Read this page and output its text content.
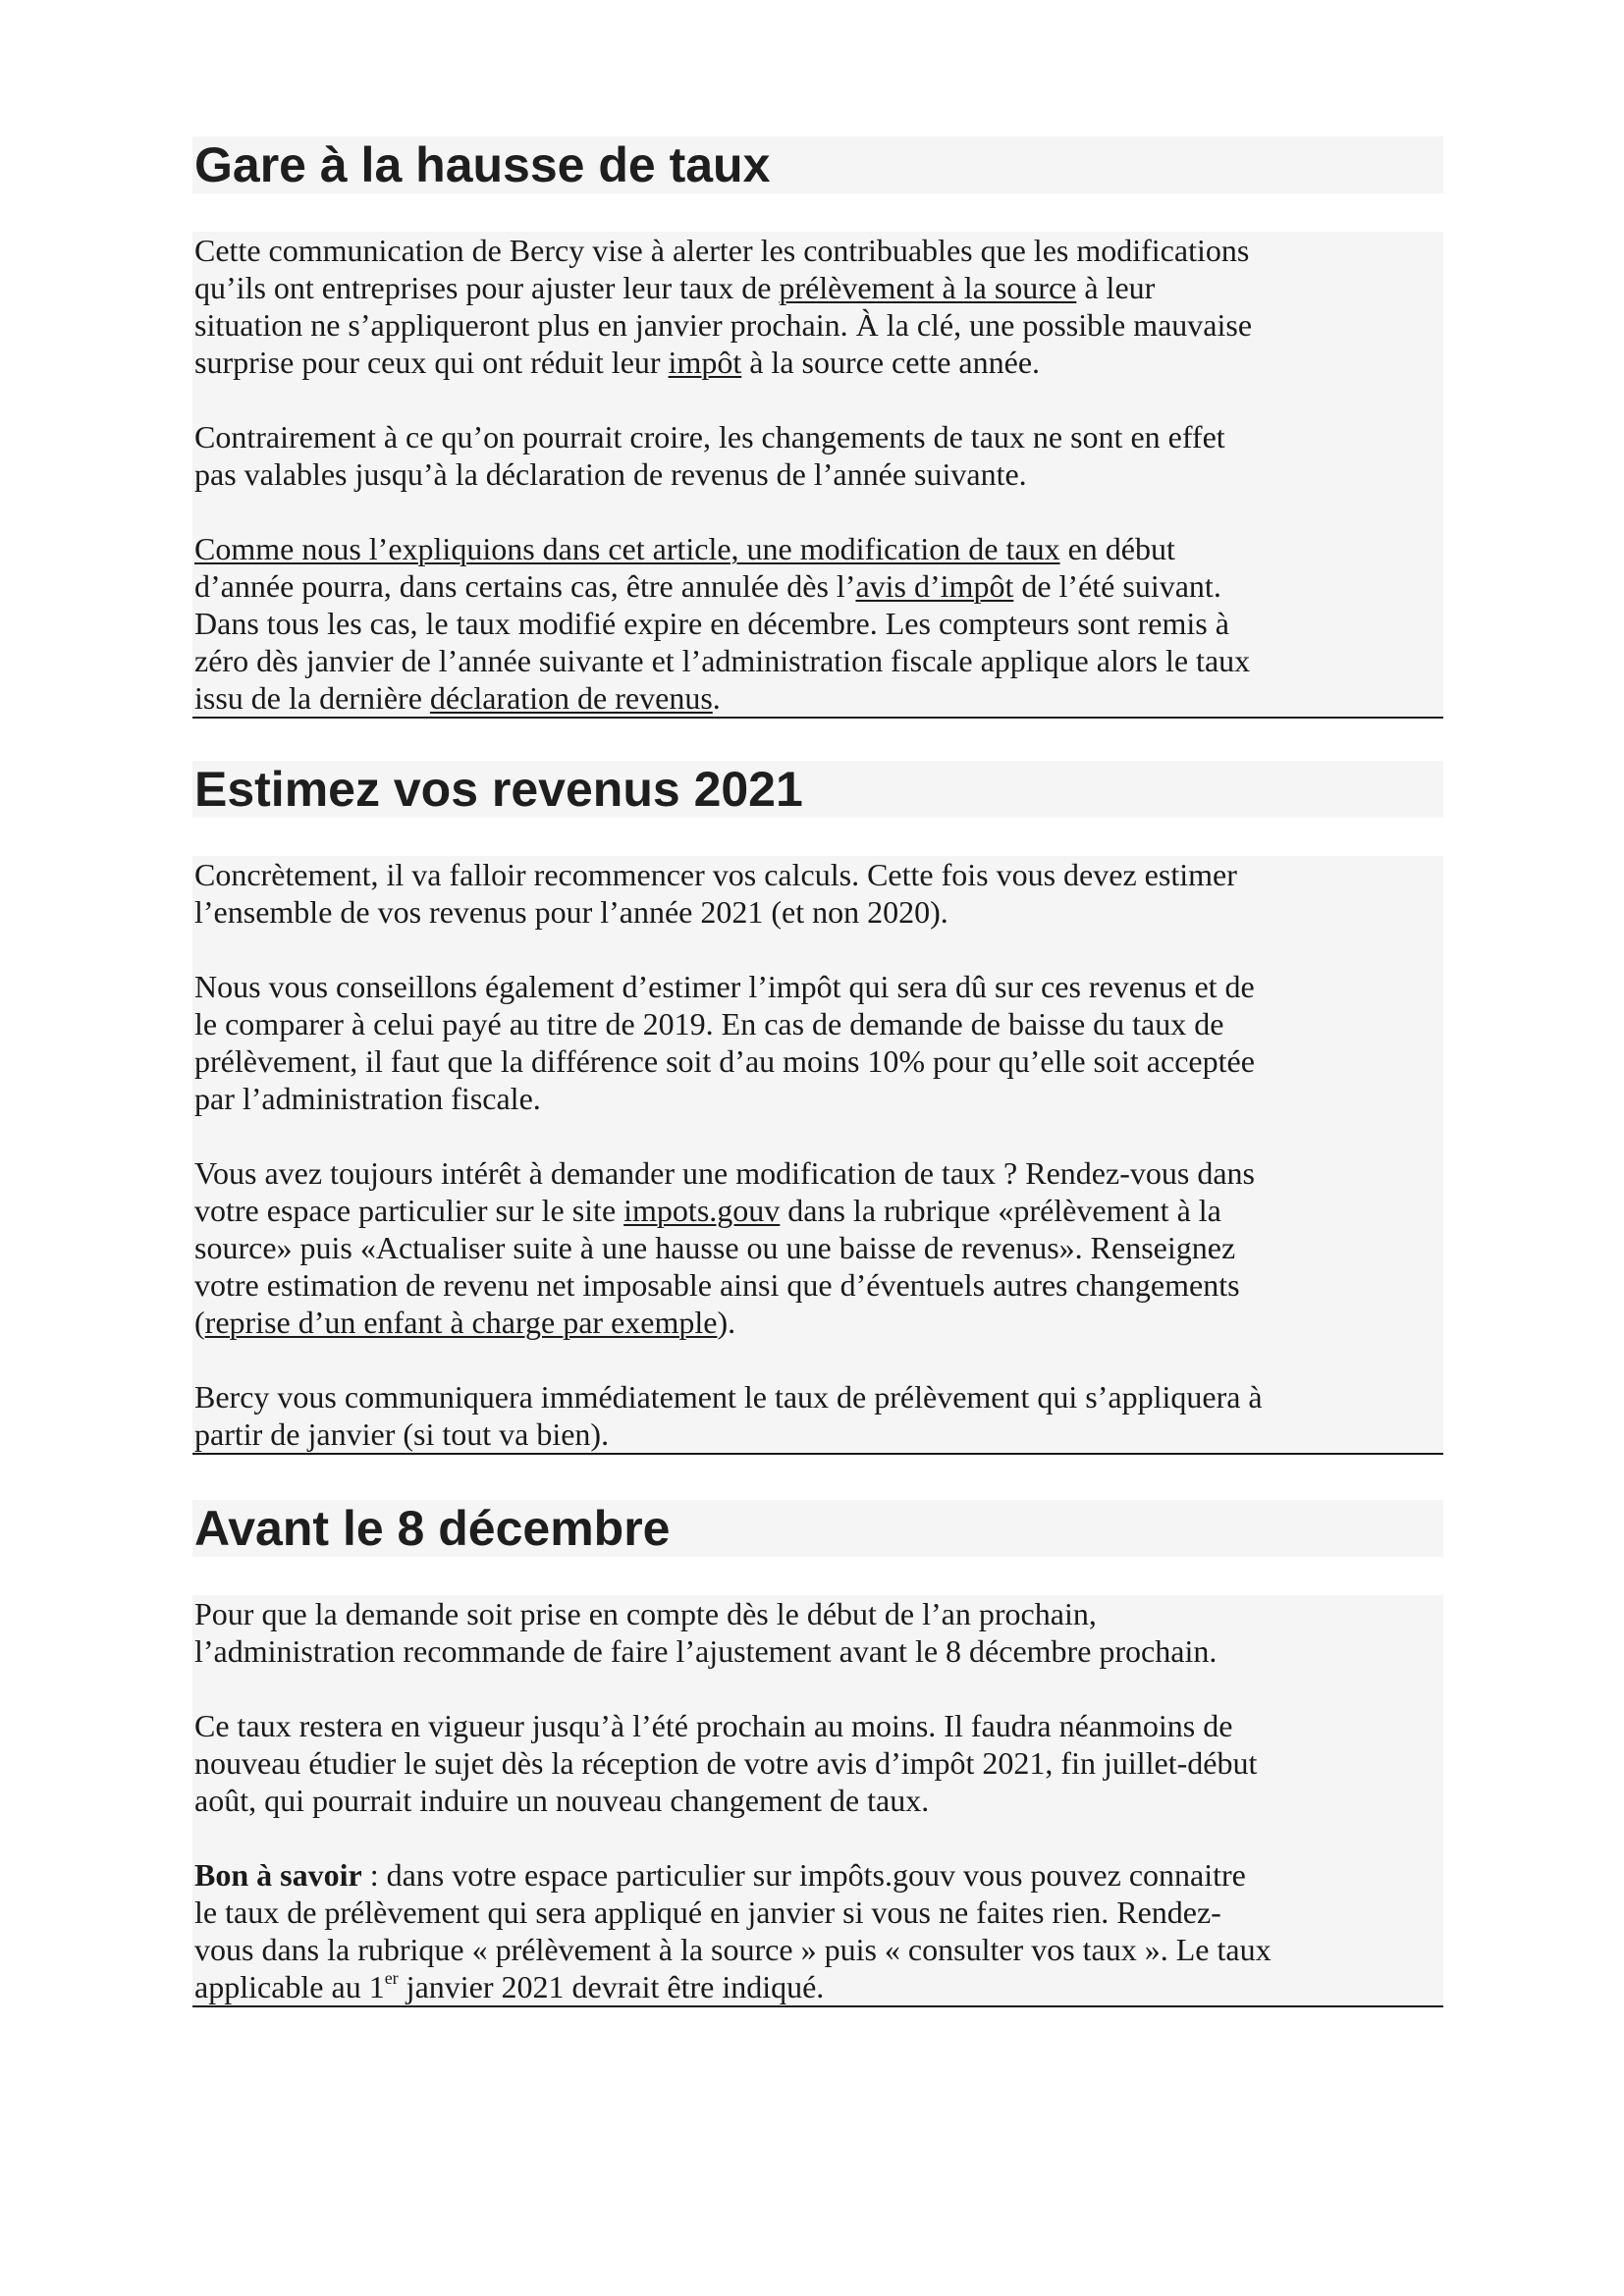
Gare à la hausse de taux

Cette communication de Bercy vise à alerter les contribuables que les modifications
qu’ils ont entreprises pour ajuster leur taux de prélèvement à la source à leur
situation ne s’appliqueront plus en janvier prochain. À la clé, une possible mauvaise
surprise pour ceux qui ont réduit leur impôt à la source cette année.

Contrairement à ce qu’on pourrait croire, les changements de taux ne sont en effet
pas valables jusqu’à la déclaration de revenus de l’année suivante.

Comme nous l’expliquions dans cet article, une modification de taux en début
d’année pourra, dans certains cas, être annulée dès l’avis d’impôt de l’été suivant.
Dans tous les cas, le taux modifié expire en décembre. Les compteurs sont remis à
zéro dès janvier de l’année suivante et l’administration fiscale applique alors le taux
issu de la dernière déclaration de revenus.

Estimez vos revenus 2021

Concrètement, il va falloir recommencer vos calculs. Cette fois vous devez estimer
l’ensemble de vos revenus pour l’année 2021 (et non 2020).

Nous vous conseillons également d’estimer l’impôt qui sera dû sur ces revenus et de
le comparer à celui payé au titre de 2019. En cas de demande de baisse du taux de
prélèvement, il faut que la différence soit d’au moins 10% pour qu’elle soit acceptée
par l’administration fiscale.

Vous avez toujours intérêt à demander une modification de taux ? Rendez-vous dans
votre espace particulier sur le site impots.gouv dans la rubrique «prélèvement à la
source» puis «Actualiser suite à une hausse ou une baisse de revenus». Renseignez
votre estimation de revenu net imposable ainsi que d’éventuels autres changements
(reprise d’un enfant à charge par exemple).

Bercy vous communiquera immédiatement le taux de prélèvement qui s’appliquera à
partir de janvier (si tout va bien).

Avant le 8 décembre

Pour que la demande soit prise en compte dès le début de l’an prochain,
l’administration recommande de faire l’ajustement avant le 8 décembre prochain.

Ce taux restera en vigueur jusqu’à l’été prochain au moins. Il faudra néanmoins de
nouveau étudier le sujet dès la réception de votre avis d’impôt 2021, fin juillet-début
août, qui pourrait induire un nouveau changement de taux.

Bon à savoir : dans votre espace particulier sur impôts.gouv vous pouvez connaitre
le taux de prélèvement qui sera appliqué en janvier si vous ne faites rien. Rendez-
vous dans la rubrique « prélèvement à la source » puis « consulter vos taux ». Le taux
applicable au 1er janvier 2021 devrait être indiqué.
